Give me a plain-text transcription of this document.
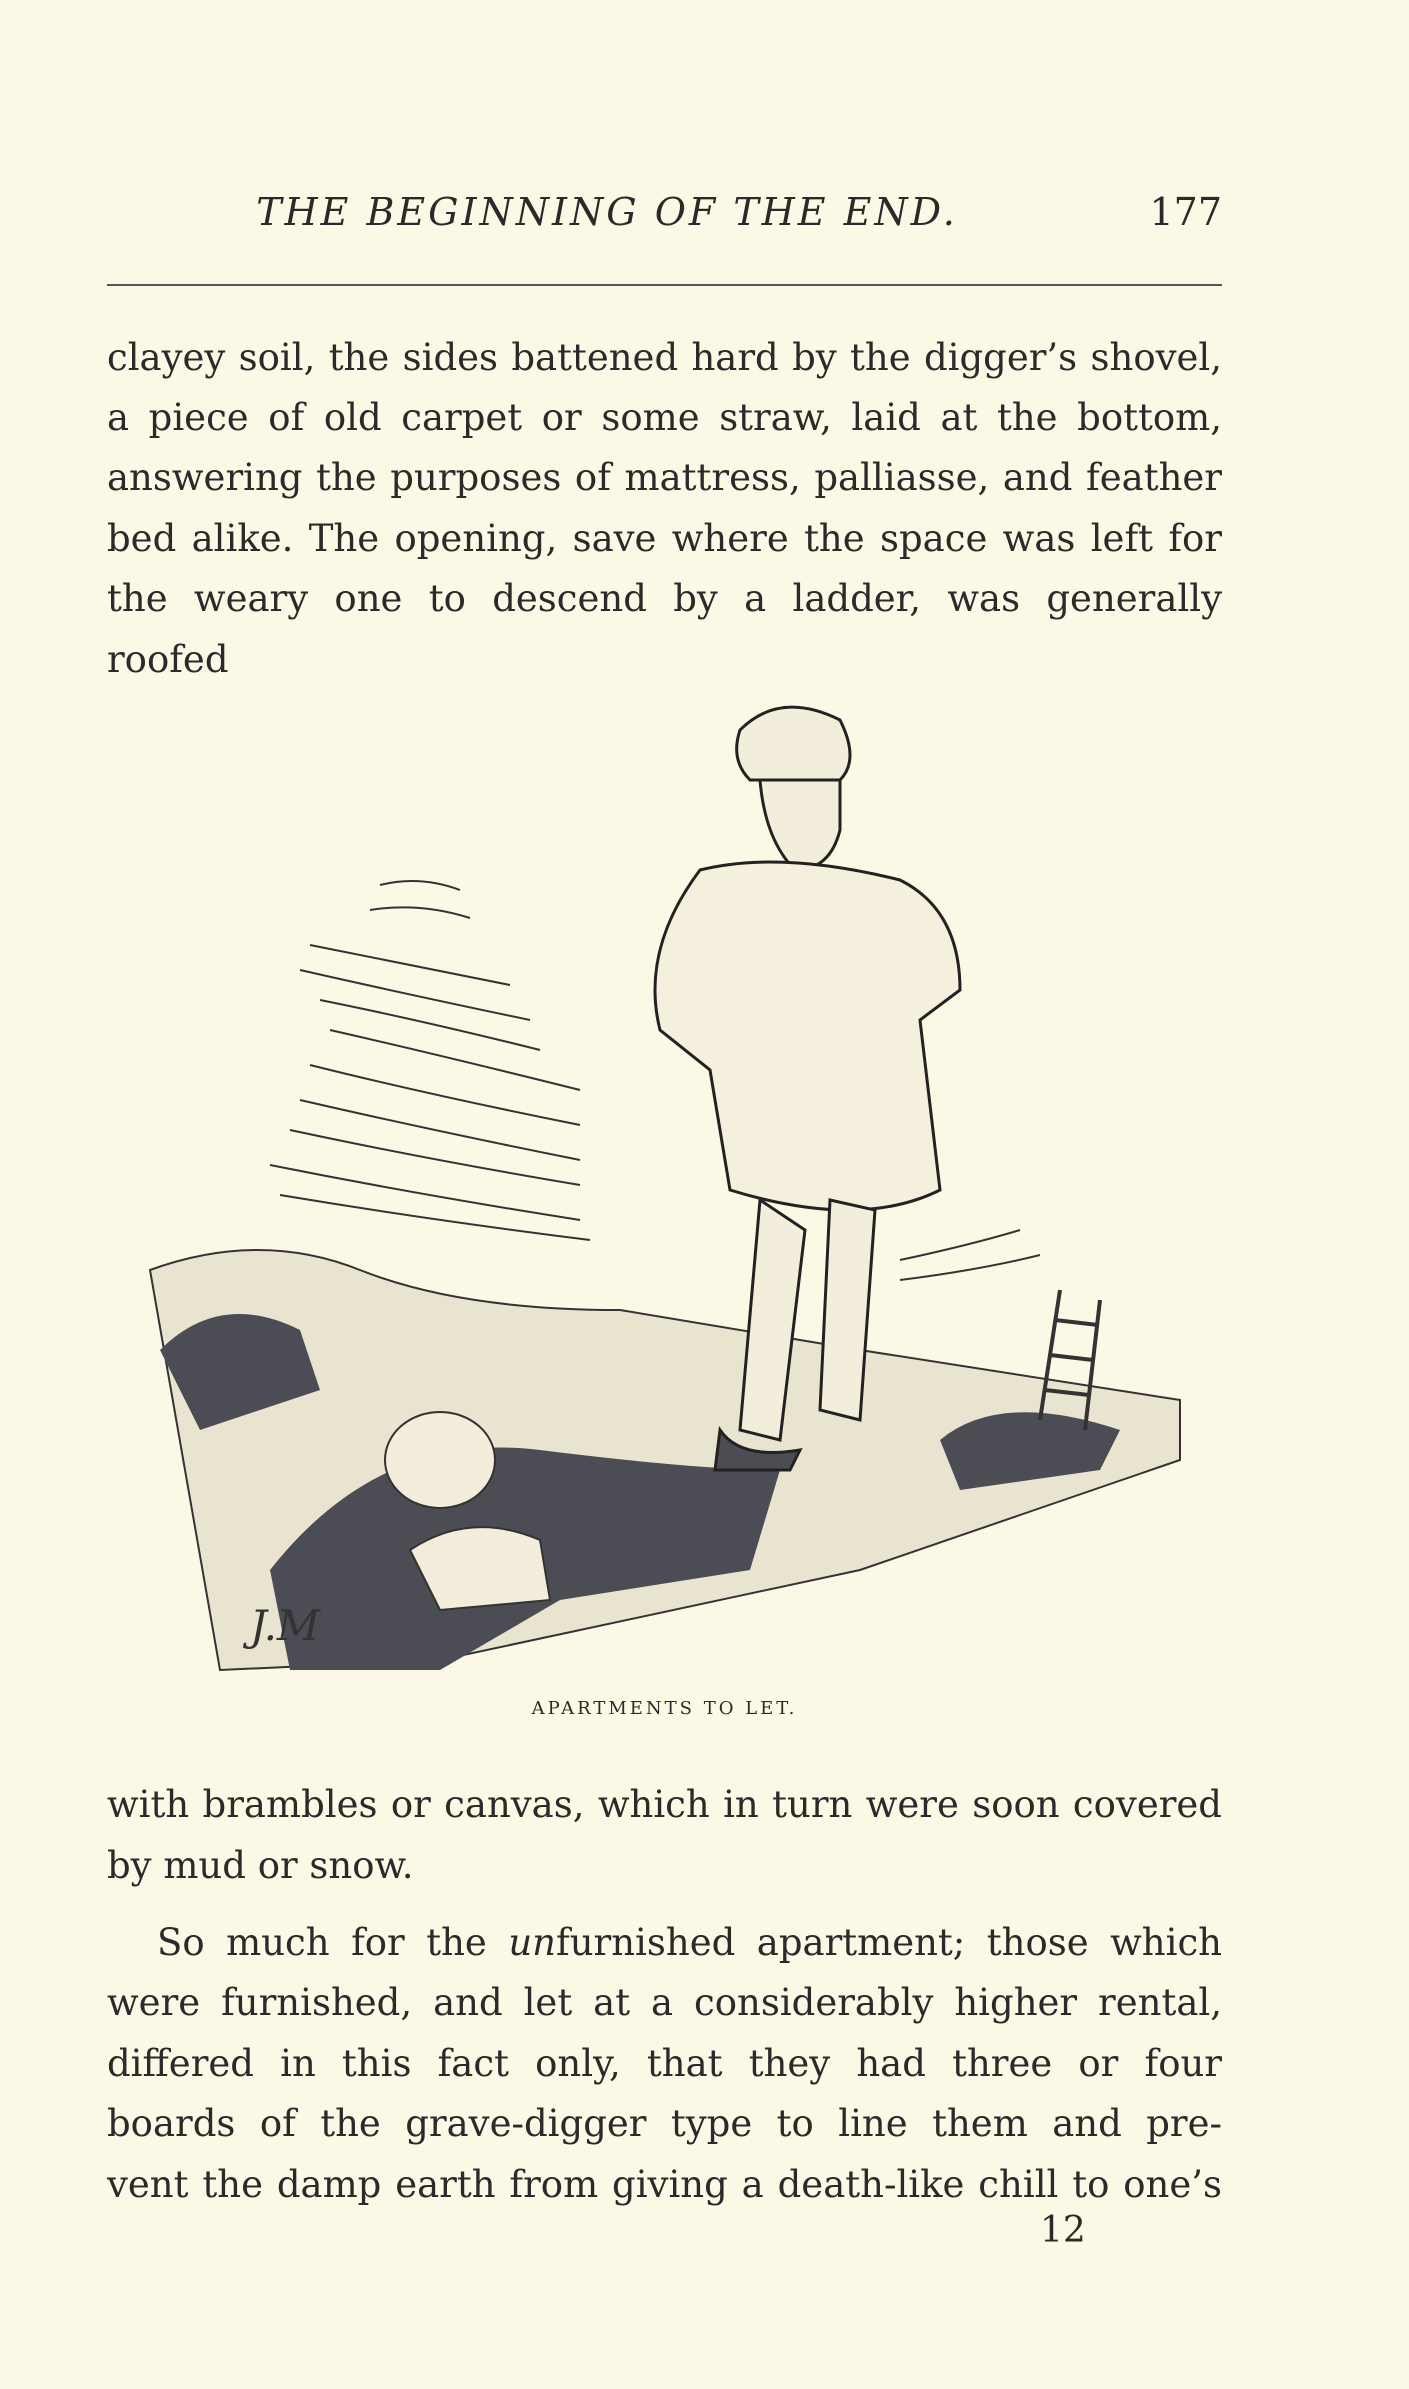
THE BEGINNING OF THE END.	177
clayey soil, the sides battened hard by the digger’s shovel,
a piece of old carpet or some straw, laid at the bottom,
answering the purposes of mattress, palliasse, and feather
bed alike. The opening, save where the space was left for
the weary one to descend by a ladder, was generally roofed
J.M
APARTMENTS TO LET.
with brambles or canvas, which in turn were soon covered
by mud or snow.
So much for the unfurnished apartment; those which
were furnished, and let at a considerably higher rental,
differed in this fact only, that they had three or four
boards of the grave-digger type to line them and pre-
vent the damp earth from giving a death-like chill to one’s
12
